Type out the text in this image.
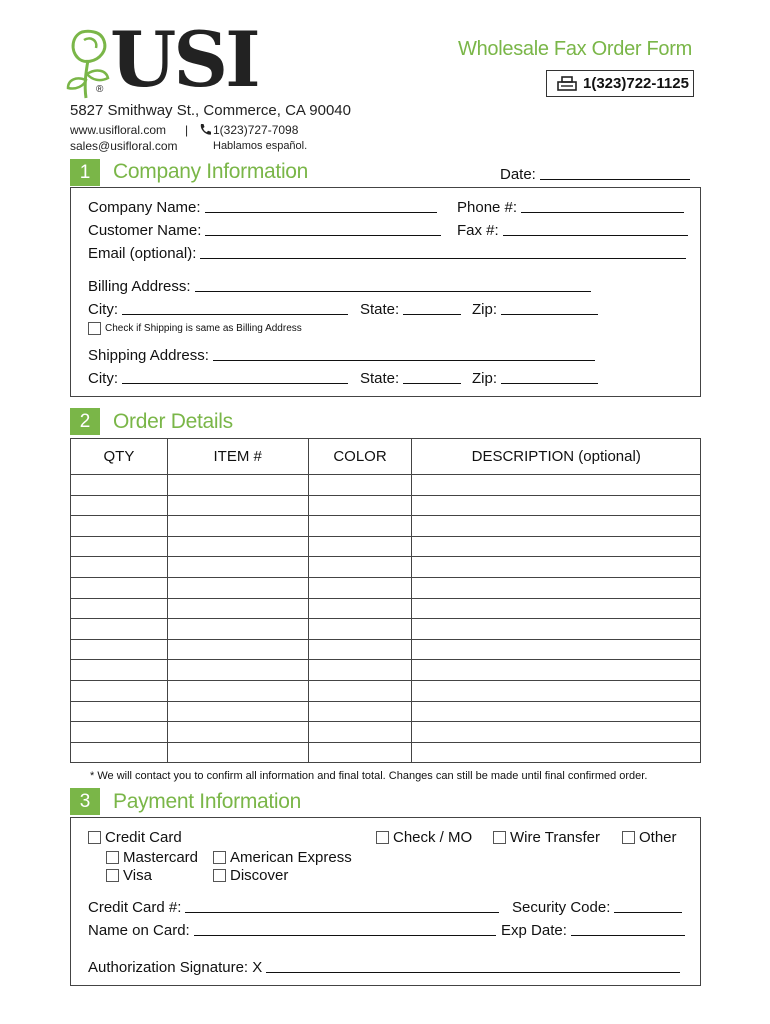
USI
®
Wholesale Fax Order Form
1(323)722-1125
5827 Smithway St., Commerce, CA 90040
www.usifloral.com | 1(323)727-7098
sales@usifloral.com	Hablamos español.
1	Company Information	Date:
Company Name:	Phone #:
Customer Name:	Fax #:
Email (optional):
Billing Address:
City:	State:	Zip:
Check if Shipping is same as Billing Address
Shipping Address:
City:	State:	Zip:
2	Order Details
QTY	ITEM #	COLOR	DESCRIPTION (optional)

* We will contact you to confirm all information and final total. Changes can still be made until final confirmed order.
3	Payment Information
Credit Card	Check / MO	Wire Transfer	Other
Mastercard American Express
Visa	Discover
Credit Card #:	Security Code:
Name on Card:	Exp Date:
Authorization Signature: X
